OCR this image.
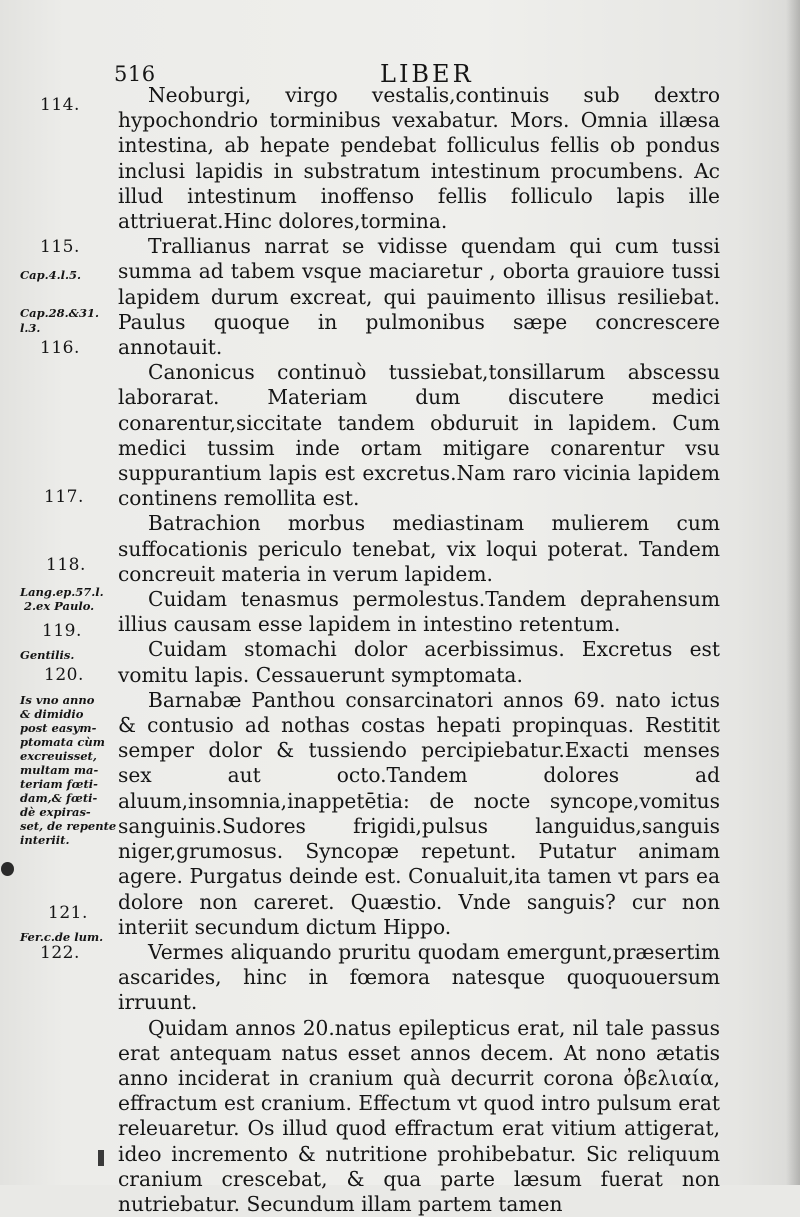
516	LIBER
114.
115.
Cap.4.l.5.
Cap.28.&31.
l.3.
116.
117.
118.
Lang.ep.57.l.
2.ex Paulo.
119.
Gentilis.
120.
Is vno anno
& dimidio
post easym-
ptomata cùm
excreuisset,
multam ma-
teriam fœti-
dam,& fœti-
dè expiras-
set, de repente
interiit.
121.
Fer.c.de lum.
122.

Neoburgi, virgo vestalis,continuis sub dextro hypochondrio torminibus vexabatur. Mors. Omnia illæsa intestina, ab hepate pendebat folliculus fellis ob pondus inclusi lapidis in substratum intestinum procumbens. Ac illud intestinum inoffenso fellis folliculo lapis ille attriuerat.Hinc dolores,tormina.

Trallianus narrat se vidisse quendam qui cum tussi summa ad tabem vsque maciaretur , oborta grauiore tussi lapidem durum excreat, qui pauimento illisus resiliebat. Paulus quoque in pulmonibus sæpe concrescere annotauit.

Canonicus continuò tussiebat,tonsillarum abscessu laborarat. Materiam dum discutere medici conarentur,siccitate tandem obduruit in lapidem. Cum medici tussim inde ortam mitigare conarentur vsu suppurantium lapis est excretus.Nam raro vicinia lapidem continens remollita est.

Batrachion morbus mediastinam mulierem cum suffocationis periculo tenebat, vix loqui poterat. Tandem concreuit materia in verum lapidem.

Cuidam tenasmus permolestus.Tandem deprahensum illius causam esse lapidem in intestino retentum.

Cuidam stomachi dolor acerbissimus. Excretus est vomitu lapis. Cessauerunt symptomata.

Barnabæ Panthou consarcinatori annos 69. nato ictus & contusio ad nothas costas hepati propinquas. Restitit semper dolor & tussiendo percipiebatur.Exacti menses sex aut octo.Tandem dolores ad aluum,insomnia,inappetētia: de nocte syncope,vomitus sanguinis.Sudores frigidi,pulsus languidus,sanguis niger,grumosus. Syncopæ repetunt. Putatur animam agere. Purgatus deinde est. Conualuit,ita tamen vt pars ea dolore non careret. Quæstio. Vnde sanguis? cur non interiit secundum dictum Hippo.

Vermes aliquando pruritu quodam emergunt,præsertim ascarides, hinc in fœmora natesque quoquouersum irruunt.

Quidam annos 20.natus epilepticus erat, nil tale passus erat antequam natus esset annos decem. At nono ætatis anno inciderat in cranium quà decurrit corona ὀβελιαία, effractum est cranium. Effectum vt quod intro pulsum erat releuaretur. Os illud quod effractum erat vitium attigerat, ideo incremento & nutritione prohibebatur. Sic reliquum cranium crescebat, & qua parte læsum fuerat non nutriebatur. Secundum illam partem tamen
